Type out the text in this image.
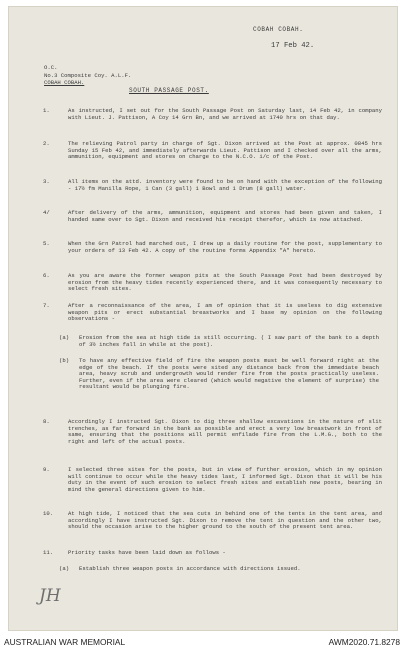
COBAH COBAH.
17 Feb 42.
O.C.
No.3 Composite Coy. A.L.F.
COBAH COBAH.
SOUTH PASSAGE POST.
1.	As instructed, I set out for the South Passage Post on Saturday last, 14 Feb 42, in company with Lieut. J. Pattison, A Coy 14 Grn Bn, and we arrived at 1740 hrs on that day.
2.	The relieving Patrol party in charge of Sgt. Dixon arrived at the Post at approx. 0845 hrs Sunday 15 Feb 42, and immediately afterwards Lieut. Pattison and I checked over all the arms, ammunition, equipment and stores on charge to the N.C.O. i/c of the Post.
3.	All items on the attd. inventory were found to be on hand with the exception of the following - 17½ fm Manilla Rope, 1 Can (3 gall) 1 Bowl and 1 Drum (8 gall) water.
4/	After delivery of the arms, ammunition, equipment and stores had been given and taken, I handed same over to Sgt. Dixon and received his receipt therefor, which is now attached.
5.	When the Grn Patrol had marched out, I drew up a daily routine for the post, supplementary to your orders of 13 Feb 42. A copy of the routine forms Appendix "A" hereto.
6.	As you are aware the former weapon pits at the South Passage Post had been destroyed by erosion from the heavy tides recently experienced there, and it was consequently necessary to select fresh sites.
7.	After a reconnaissance of the area, I am of opinion that it is useless to dig extensive weapon pits or erect substantial breastworks and I base my opinion on the following observations -
(a)	Erosion from the sea at high tide is still occurring. ( I saw part of the bank to a depth of 3½ inches fall in while at the post).
(b)	To have any effective field of fire the weapon posts must be well forward right at the edge of the beach. If the posts were sited any distance back from the immediate beach area, heavy scrub and undergrowth would render fire from the posts practically useless. Further, even if the area were cleared (which would negative the element of surprise) the resultant would be plunging fire.
8.	Accordingly I instructed Sgt. Dixon to dig three shallow excavations in the nature of slit trenches, as far forward in the bank as possible and erect a very low breastwork in front of same, ensuring that the positions will permit enfilade fire from the L.M.G., both to the right and left of the actual posts.
9.	I selected three sites for the posts, but in view of further erosion, which in my opinion will continue to occur while the heavy tides last, I informed Sgt. Dixon that it will be his duty in the event of such erosion to select fresh sites and establish new posts, bearing in mind the general directions given to him.
10.	At high tide, I noticed that the sea cuts in behind one of the tents in the tent area, and accordingly I have instructed Sgt. Dixon to remove the tent in question and the other two, should the occasion arise to the higher ground to the south of the present tent area.
11.	Priority tasks have been laid down as follows -
(a)	Establish three weapon posts in accordance with directions issued.
JH
AUSTRALIAN WAR MEMORIAL	AWM2020.71.8278
